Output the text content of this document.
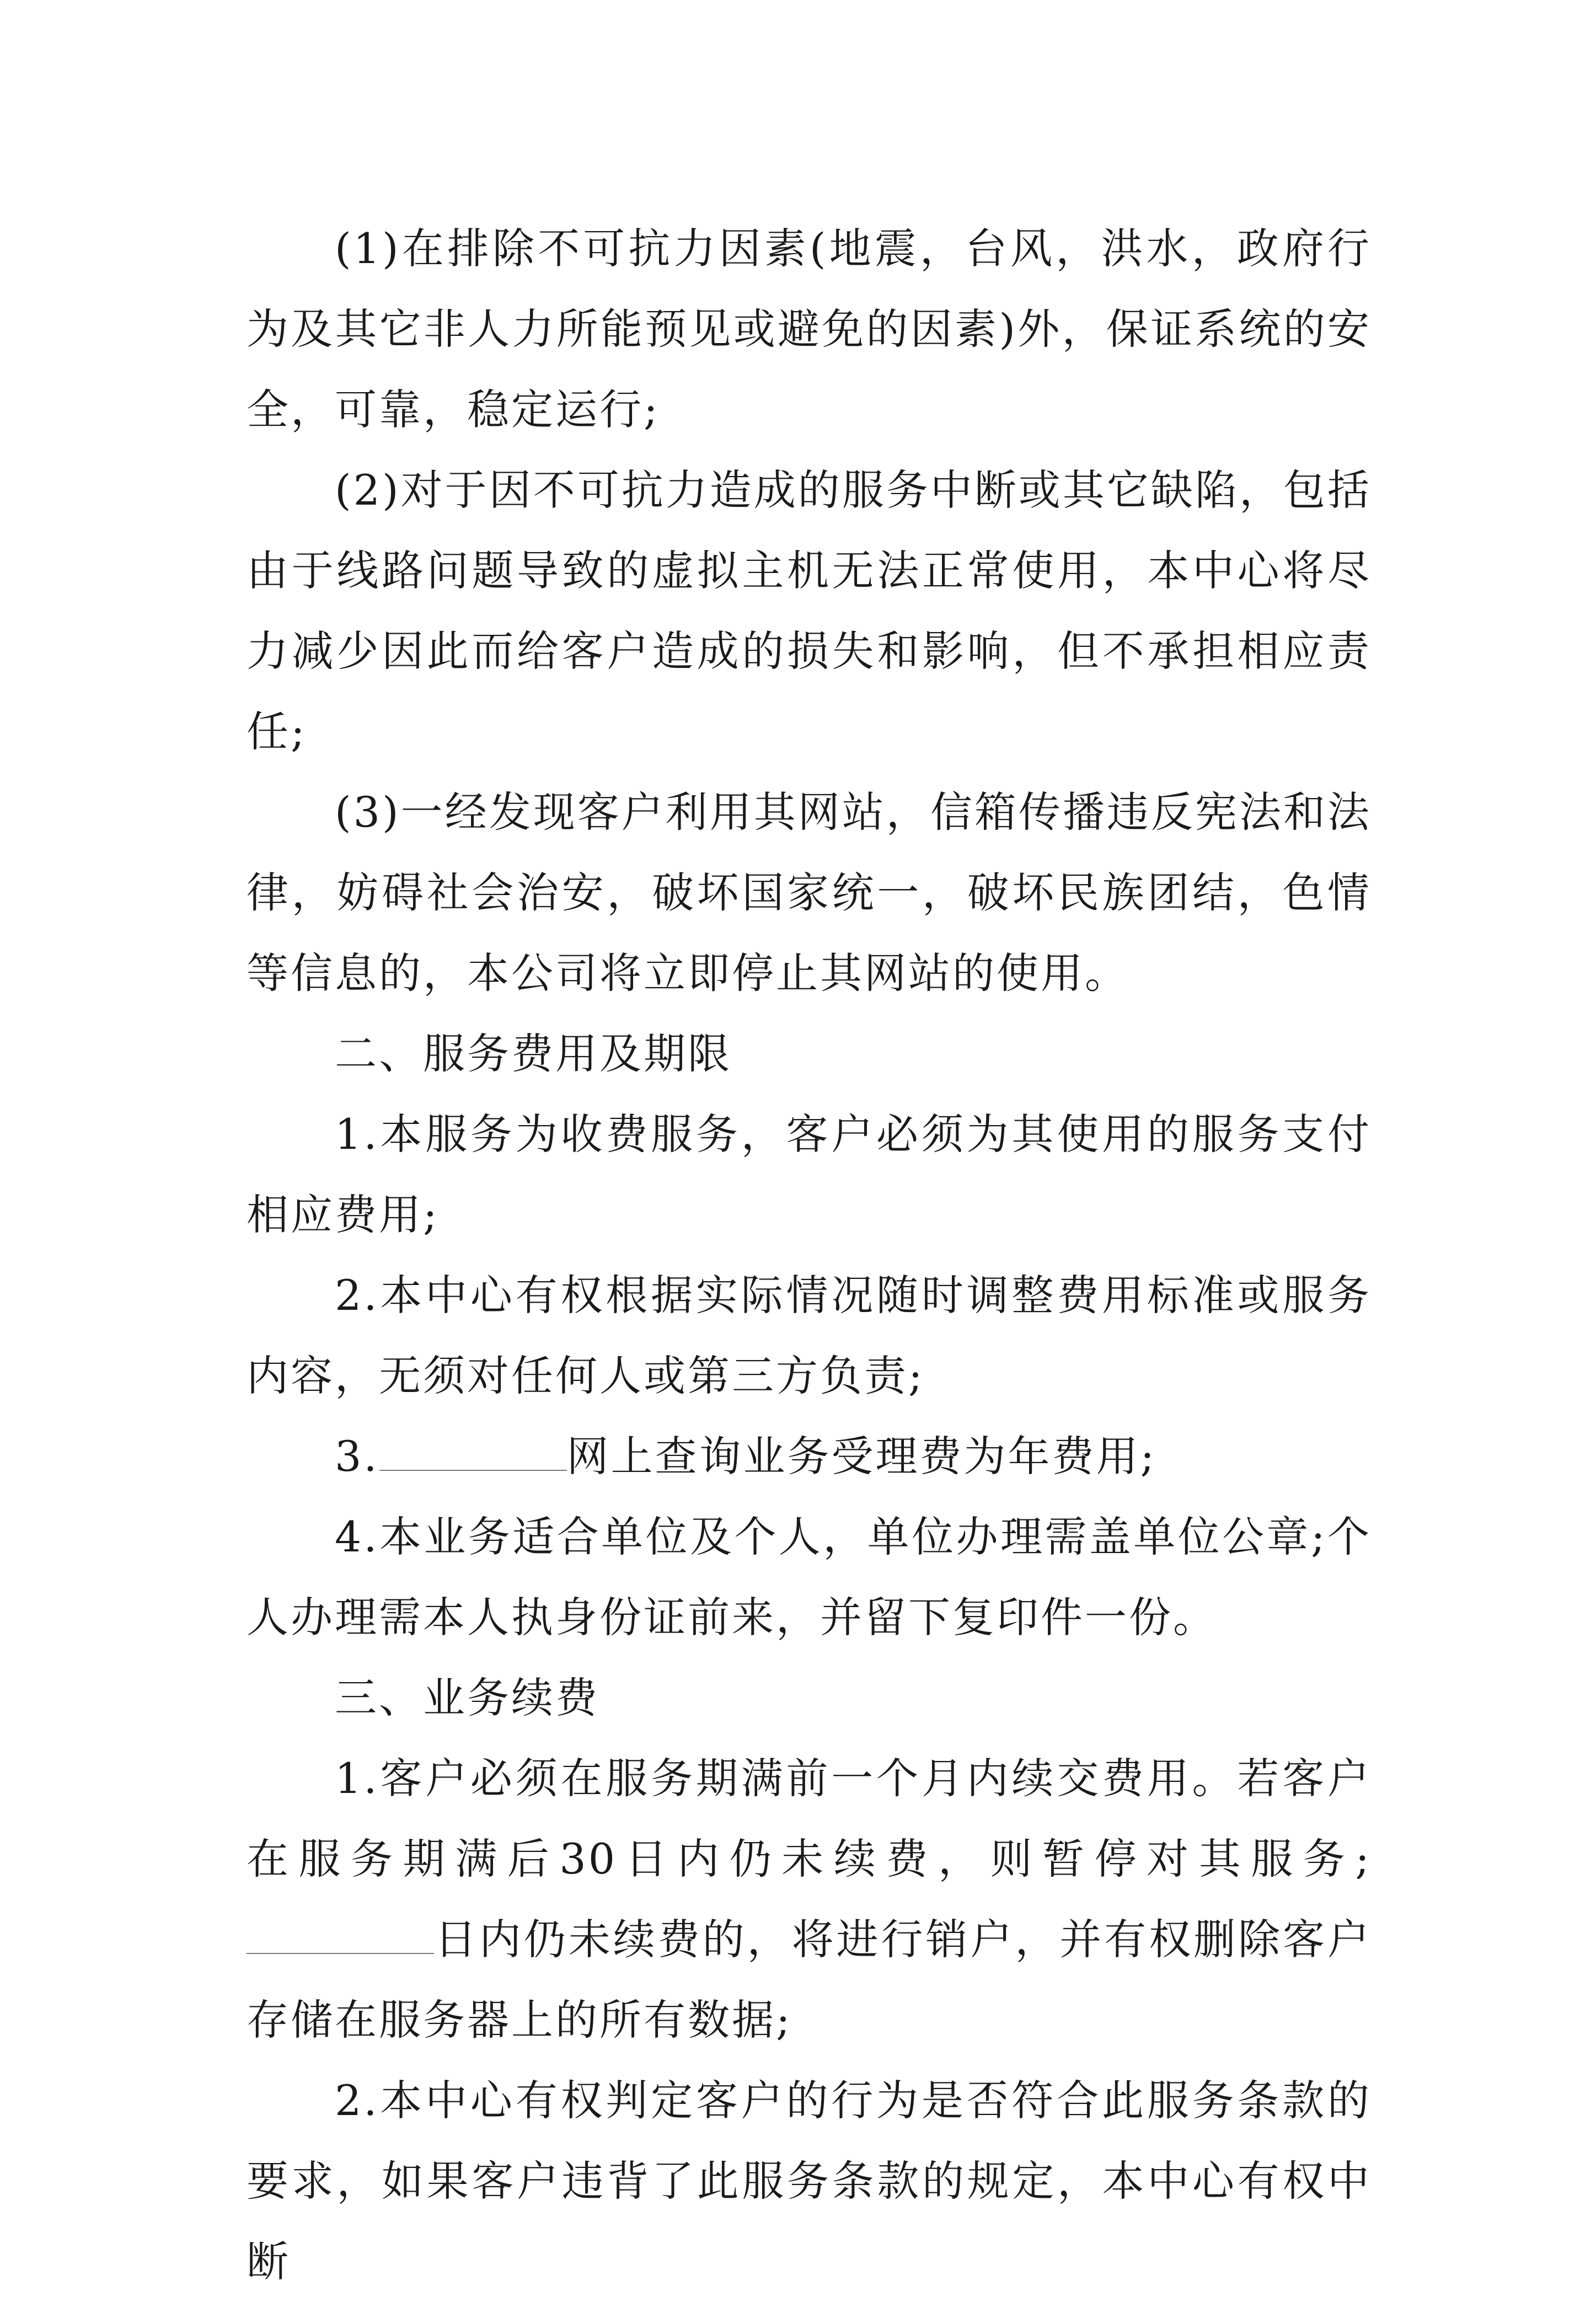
(1)在排除不可抗力因素(地震，台风，洪水，政府行为及其它非人力所能预见或避免的因素)外，保证系统的安全，可靠，稳定运行;

(2)对于因不可抗力造成的服务中断或其它缺陷，包括由于线路问题导致的虚拟主机无法正常使用，本中心将尽力减少因此而给客户造成的损失和影响，但不承担相应责任;

(3)一经发现客户利用其网站，信箱传播违反宪法和法律，妨碍社会治安，破坏国家统一，破坏民族团结，色情等信息的，本公司将立即停止其网站的使用。

二、服务费用及期限

1.本服务为收费服务，客户必须为其使用的服务支付相应费用;

2.本中心有权根据实际情况随时调整费用标准或服务内容，无须对任何人或第三方负责;

3.	网上查询业务受理费为年费用;

4.本业务适合单位及个人，单位办理需盖单位公章;个人办理需本人执身份证前来，并留下复印件一份。

三、业务续费

1.客户必须在服务期满前一个月内续交费用。若客户在服务期满后30日内仍未续费，则暂停对其服务;日内仍未续费的，将进行销户，并有权删除客户存储在服务器上的所有数据;

2.本中心有权判定客户的行为是否符合此服务条款的要求，如果客户违背了此服务条款的规定，本中心有权中断
